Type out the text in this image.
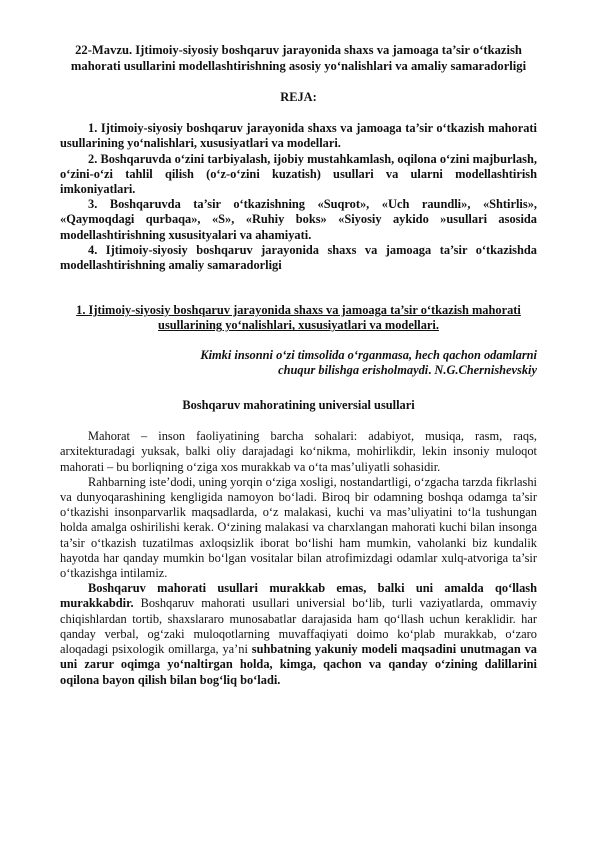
22-Mavzu. Ijtimoiy-siyosiy boshqaruv jarayonida shaxs va jamoaga ta’sir o‘tkazish mahorati usullarini modellashtirishning asosiy yo‘nalishlari va amaliy samaradorligi

REJA:

1. Ijtimoiy-siyosiy boshqaruv jarayonida shaxs va jamoaga ta’sir o‘tkazish mahorati usullarining yo‘nalishlari, xususiyatlari va modellari.

2. Boshqaruvda o‘zini tarbiyalash, ijobiy mustahkamlash, oqilona o‘zini majburlash, o‘zini-o‘zi tahlil qilish (o‘z-o‘zini kuzatish) usullari va ularni modellashtirish imkoniyatlari.

3. Boshqaruvda ta’sir o‘tkazishning «Suqrot», «Uch raundli», «Shtirlis», «Qaymoqdagi qurbaqa», «S», «Ruhiy boks» «Siyosiy aykido »usullari asosida modellashtirishning xususityalari va ahamiyati.

4. Ijtimoiy-siyosiy boshqaruv jarayonida shaxs va jamoaga ta’sir o‘tkazishda modellashtirishning amaliy samaradorligi

1. Ijtimoiy-siyosiy boshqaruv jarayonida shaxs va jamoaga ta’sir o‘tkazish mahorati usullarining yo‘nalishlari, xususiyatlari va modellari.

Kimki insonni o‘zi timsolida o‘rganmasa, hech qachon odamlarni
chuqur bilishga erisholmaydi. N.G.Chernishevskiy

Boshqaruv mahoratining universial usullari

Mahorat – inson faoliyatining barcha sohalari: adabiyot, musiqa, rasm, raqs, arxitekturadagi yuksak, balki oliy darajadagi ko‘nikma, mohirlikdir, lekin insoniy muloqot mahorati – bu borliqning o‘ziga xos murakkab va o‘ta mas’uliyatli sohasidir.

Rahbarning iste’dodi, uning yorqin o‘ziga xosligi, nostandartligi, o‘zgacha tarzda fikrlashi va dunyoqarashining kengligida namoyon bo‘ladi. Biroq bir odamning boshqa odamga ta’sir o‘tkazishi insonparvarlik maqsadlarda, o‘z malakasi, kuchi va mas’uliyatini to‘la tushungan holda amalga oshirilishi kerak. O‘zining malakasi va charxlangan mahorati kuchi bilan insonga ta’sir o‘tkazish tuzatilmas axloqsizlik iborat bo‘lishi ham mumkin, vaholanki biz kundalik hayotda har qanday mumkin bo‘lgan vositalar bilan atrofimizdagi odamlar xulq-atvoriga ta’sir o‘tkazishga intilamiz.

Boshqaruv mahorati usullari murakkab emas, balki uni amalda qo‘llash murakkabdir. Boshqaruv mahorati usullari universial bo‘lib, turli vaziyatlarda, ommaviy chiqishlardan tortib, shaxslararo munosabatlar darajasida ham qo‘llash uchun keraklidir. har qanday verbal, og‘zaki muloqotlarning muvaffaqiyati doimo ko‘plab murakkab, o‘zaro aloqadagi psixologik omillarga, ya’ni suhbatning yakuniy modeli maqsadini unutmagan va uni zarur oqimga yo‘naltirgan holda, kimga, qachon va qanday o‘zining dalillarini oqilona bayon qilish bilan bog‘liq bo‘ladi.
